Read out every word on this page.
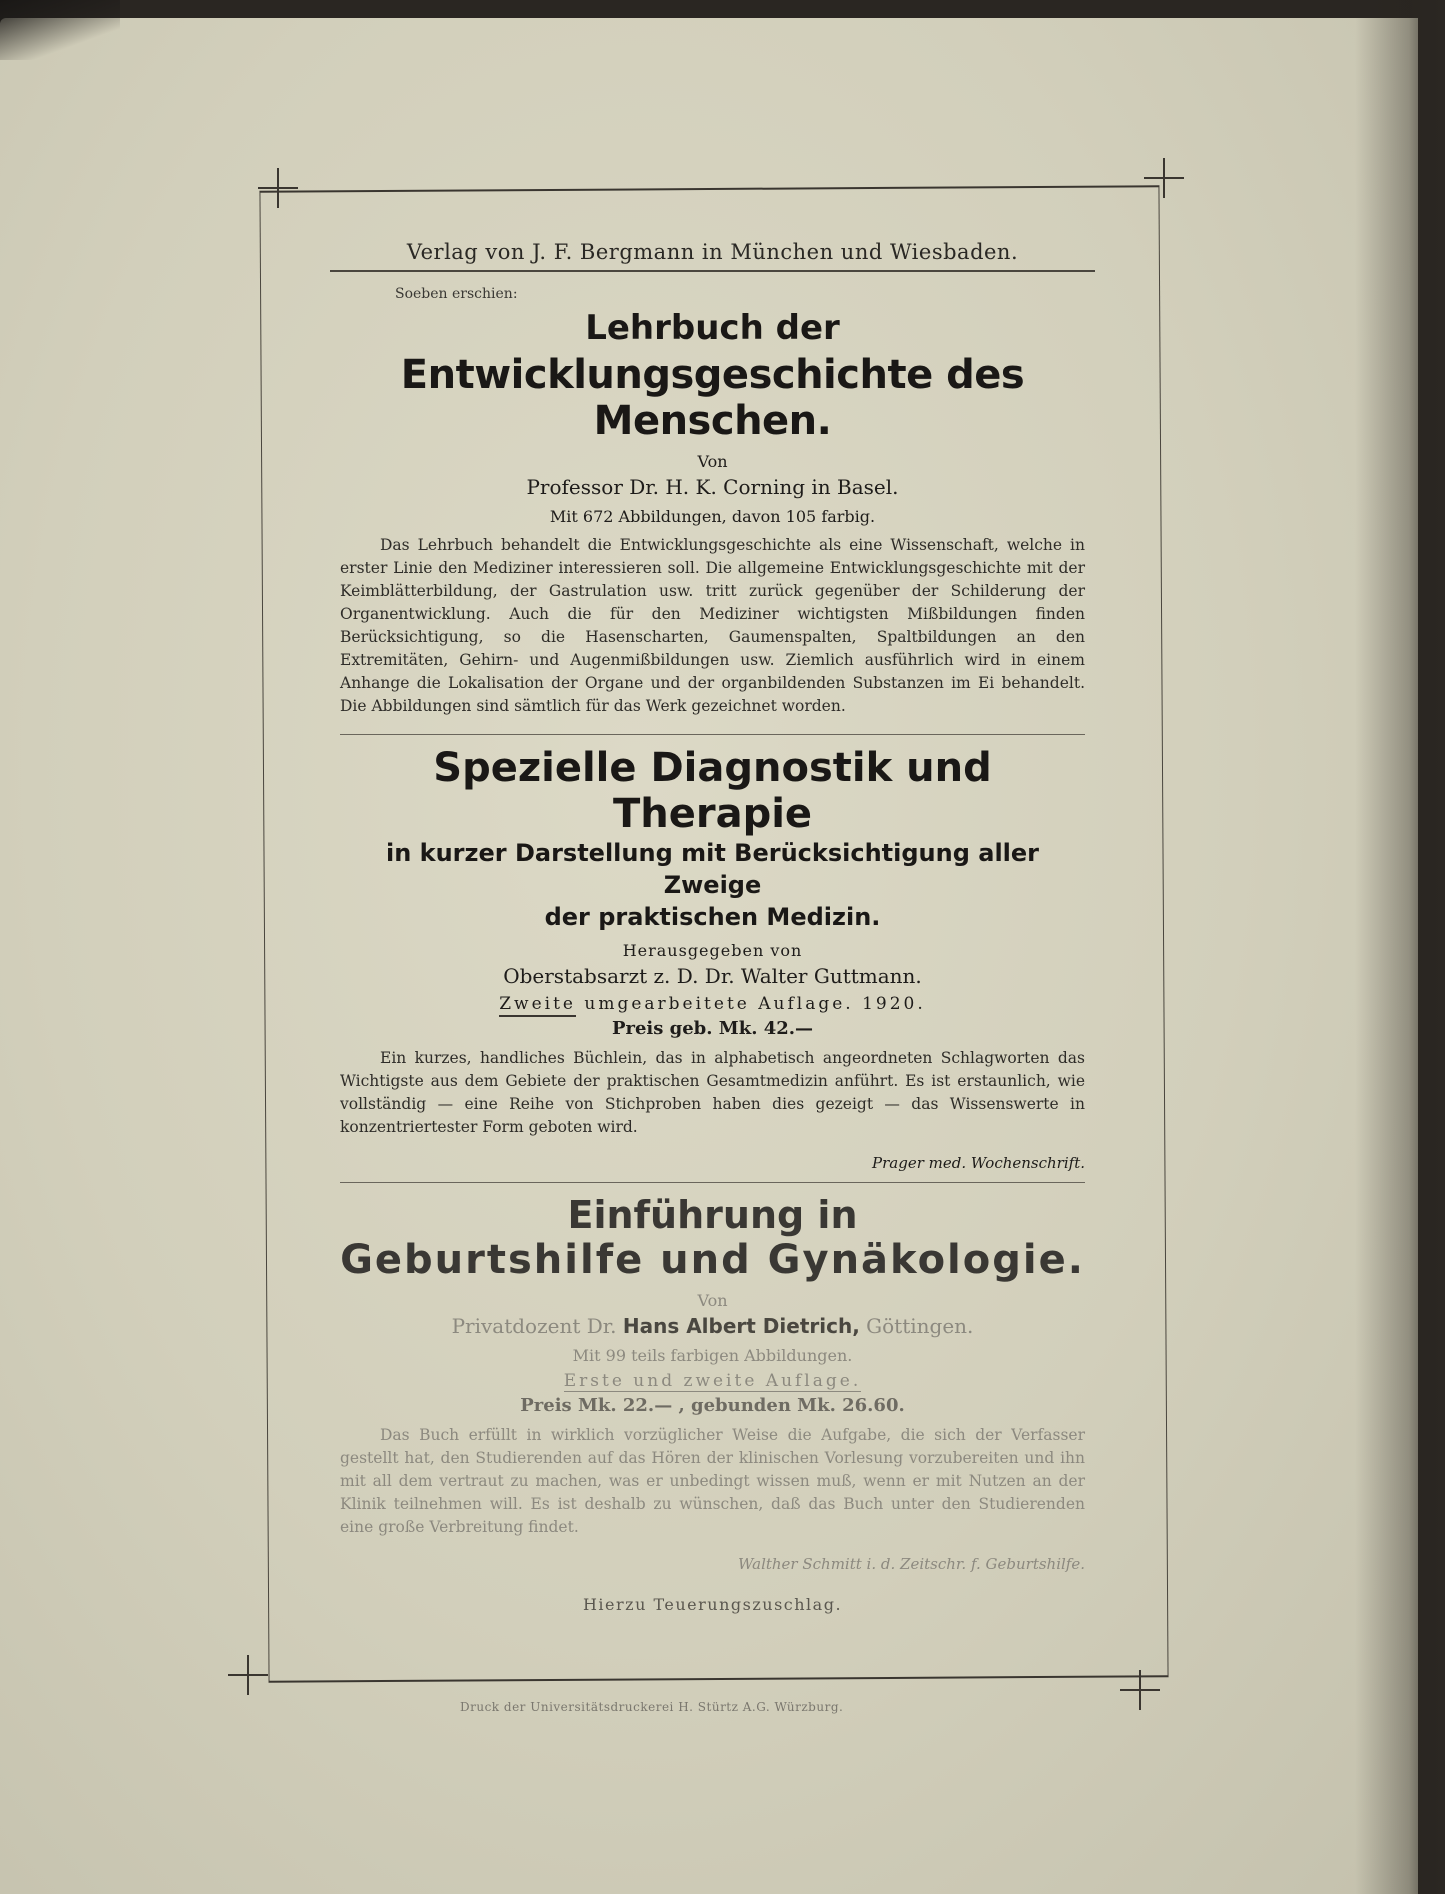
Verlag von J. F. Bergmann in München und Wiesbaden.
Soeben erschien:
Lehrbuch der
Entwicklungsgeschichte des Menschen.
Von
Professor Dr. H. K. Corning in Basel.
Mit 672 Abbildungen, davon 105 farbig.

Das Lehrbuch behandelt die Entwicklungsgeschichte als eine Wissenschaft, welche in erster Linie den Mediziner interessieren soll. Die allgemeine Entwicklungsgeschichte mit der Keimblätterbildung, der Gastrulation usw. tritt zurück gegenüber der Schilderung der Organentwicklung. Auch die für den Mediziner wichtigsten Mißbildungen finden Berücksichtigung, so die Hasenscharten, Gaumenspalten, Spaltbildungen an den Extremitäten, Gehirn- und Augenmißbildungen usw. Ziemlich ausführlich wird in einem Anhange die Lokalisation der Organe und der organbildenden Substanzen im Ei behandelt. Die Abbildungen sind sämtlich für das Werk gezeichnet worden.

Spezielle Diagnostik und Therapie
in kurzer Darstellung mit Berücksichtigung aller Zweige
der praktischen Medizin.
Herausgegeben von
Oberstabsarzt z. D. Dr. Walter Guttmann.
Zweite umgearbeitete Auflage. 1920.
Preis geb. Mk. 42.—

Ein kurzes, handliches Büchlein, das in alphabetisch angeordneten Schlagworten das Wichtigste aus dem Gebiete der praktischen Gesamtmedizin anführt. Es ist erstaunlich, wie vollständig — eine Reihe von Stichproben haben dies gezeigt — das Wissenswerte in konzentriertester Form geboten wird.

Prager med. Wochenschrift.
Einführung in
Geburtshilfe und Gynäkologie.
Von
Privatdozent Dr. Hans Albert Dietrich, Göttingen.
Mit 99 teils farbigen Abbildungen.
Erste und zweite Auflage.
Preis Mk. 22.— , gebunden Mk. 26.60.

Das Buch erfüllt in wirklich vorzüglicher Weise die Aufgabe, die sich der Verfasser gestellt hat, den Studierenden auf das Hören der klinischen Vorlesung vorzubereiten und ihn mit all dem vertraut zu machen, was er unbedingt wissen muß, wenn er mit Nutzen an der Klinik teilnehmen will. Es ist deshalb zu wünschen, daß das Buch unter den Studierenden eine große Verbreitung findet.

Walther Schmitt i. d. Zeitschr. f. Geburtshilfe.
Hierzu Teuerungszuschlag.
Druck der Universitätsdruckerei H. Stürtz A.G. Würzburg.
